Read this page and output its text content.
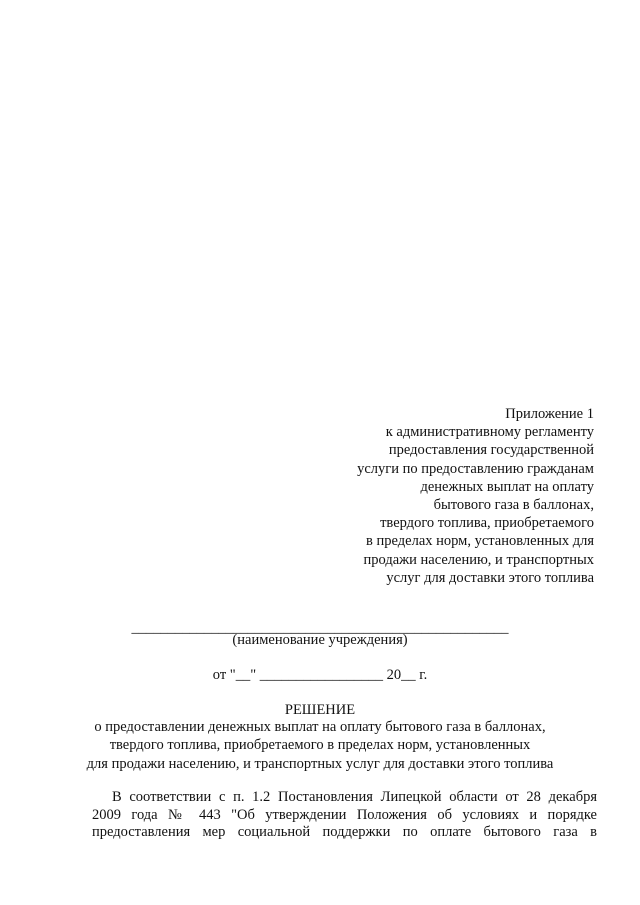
Приложение 1
к административному регламенту
предоставления государственной
услуги по предоставлению гражданам
денежных выплат на оплату
бытового газа в баллонах,
твердого топлива, приобретаемого
в пределах норм, установленных для
продажи населению, и транспортных
услуг для доставки этого топлива
____________________________________________________
(наименование учреждения)
от "__" _________________ 20__ г.
РЕШЕНИЕ
о предоставлении денежных выплат на оплату бытового газа в баллонах,
твердого топлива, приобретаемого в пределах норм, установленных
для продажи населению, и транспортных услуг для доставки этого топлива
В соответствии с п. 1.2 Постановления Липецкой области от 28 декабря
2009 года № 443 "Об утверждении Положения об условиях и порядке
предоставления мер социальной поддержки по оплате бытового газа в
